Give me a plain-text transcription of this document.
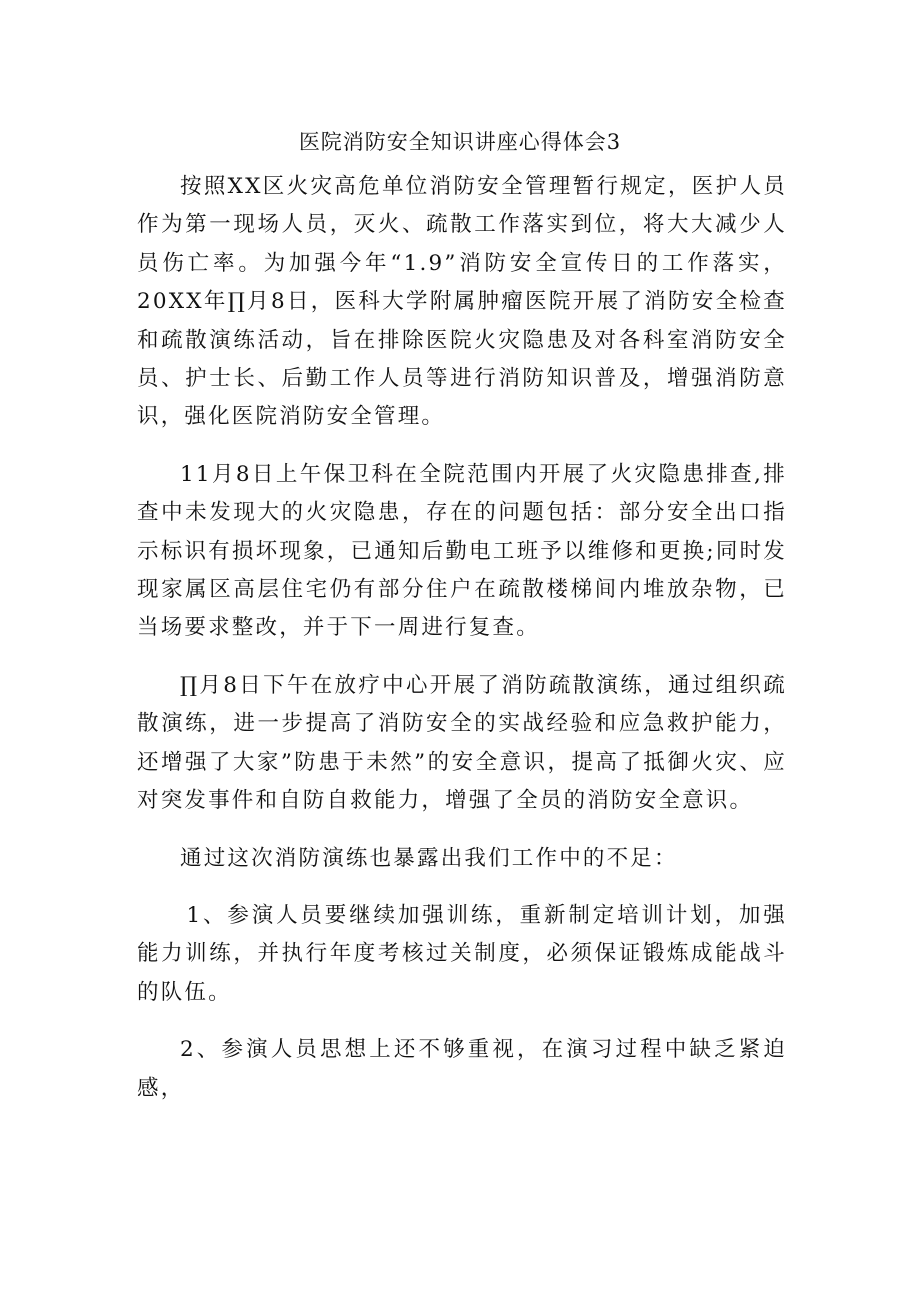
医院消防安全知识讲座心得体会3

按照XX区火灾高危单位消防安全管理暂行规定，医护人员作为第一现场人员，灭火、疏散工作落实到位，将大大减少人员伤亡率。为加强今年“1.9”消防安全宣传日的工作落实，20XX年∏月8日，医科大学附属肿瘤医院开展了消防安全检查和疏散演练活动，旨在排除医院火灾隐患及对各科室消防安全员、护士长、后勤工作人员等进行消防知识普及，增强消防意识，强化医院消防安全管理。

11月8日上午保卫科在全院范围内开展了火灾隐患排查,排查中未发现大的火灾隐患，存在的问题包括：部分安全出口指示标识有损坏现象，已通知后勤电工班予以维修和更换;同时发现家属区高层住宅仍有部分住户在疏散楼梯间内堆放杂物，已当场要求整改，并于下一周进行复查。

∏月8日下午在放疗中心开展了消防疏散演练，通过组织疏散演练，进一步提高了消防安全的实战经验和应急救护能力，还增强了大家”防患于未然”的安全意识，提高了抵御火灾、应对突发事件和自防自救能力，增强了全员的消防安全意识。

通过这次消防演练也暴露出我们工作中的不足：

1、参演人员要继续加强训练，重新制定培训计划，加强能力训练，并执行年度考核过关制度，必须保证锻炼成能战斗的队伍。

2、参演人员思想上还不够重视，在演习过程中缺乏紧迫感，
